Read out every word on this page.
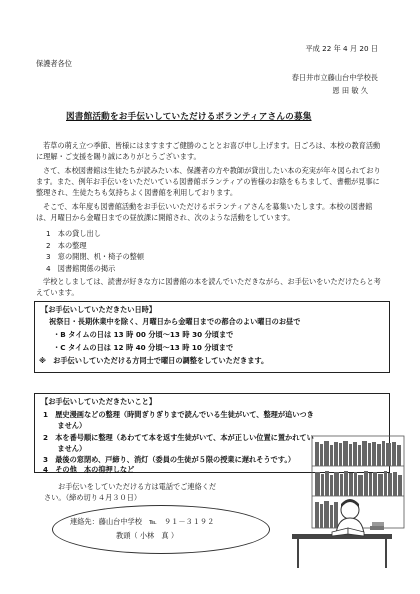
平成 22 年 4 月 20 日
保護者各位
春日井市立藤山台中学校長
恩 田 敏 久
図書館活動をお手伝いしていただけるボランティアさんの募集
若草の萌え立つ季節、皆様にはますますご健勝のこととお喜び申し上げます。日ごろは、本校の教育活動に理解・ご支援を賜り誠にありがとうございます。
さて、本校図書館は生徒たちが読みたい本、保護者の方や教師が貸出したい本の充実が年々図られております。また、例年お手伝いをいただいている図書館ボランティアの皆様のお陰をもちまして、書棚が見事に整理され、生徒たちも気持ちよく図書館を利用しております。
そこで、本年度も図書館活動をお手伝いいただけるボランティアさんを募集いたします。本校の図書館は、月曜日から金曜日までの昼放課に開館され、次のような活動をしています。
1　本の貸し出し
2　本の整理
3　窓の開閉、机・椅子の整頓
4　図書館関係の掲示
学校としましては、読書が好きな方に図書館の本を読んでいただきながら、お手伝いをいただけたらと考えています。
【お手伝いしていただきたい日時】
祝祭日・長期休業中を除く、月曜日から金曜日までの都合のよい曜日のお昼で
・B タイムの日は 13 時 00 分頃～13 時 30 分頃まで
・C タイムの日は 12 時 40 分頃～13 時 10 分頃まで
※　お手伝いしていただける方同士で曜日の調整をしていただきます。
【お手伝いしていただきたいこと】
1　歴史漫画などの整理（時間ぎりぎりまで読んでいる生徒がいて、整理が追いつき
　　ません）
2　本を番号順に整理（あわてて本を返す生徒がいて、本が正しい位置に置かれてい
　　ません）
3　最後の窓閉め、戸締り、消灯（委員の生徒が５限の授業に遅れそうです。）
4　その他　本の抑押しなど
お手伝いをしていただける方は電話でご連絡くだ
さい。（締め切り４月３０日）
連絡先：藤山台中学校　℡　９１－３１９２
教頭（ 小林　真 ）
